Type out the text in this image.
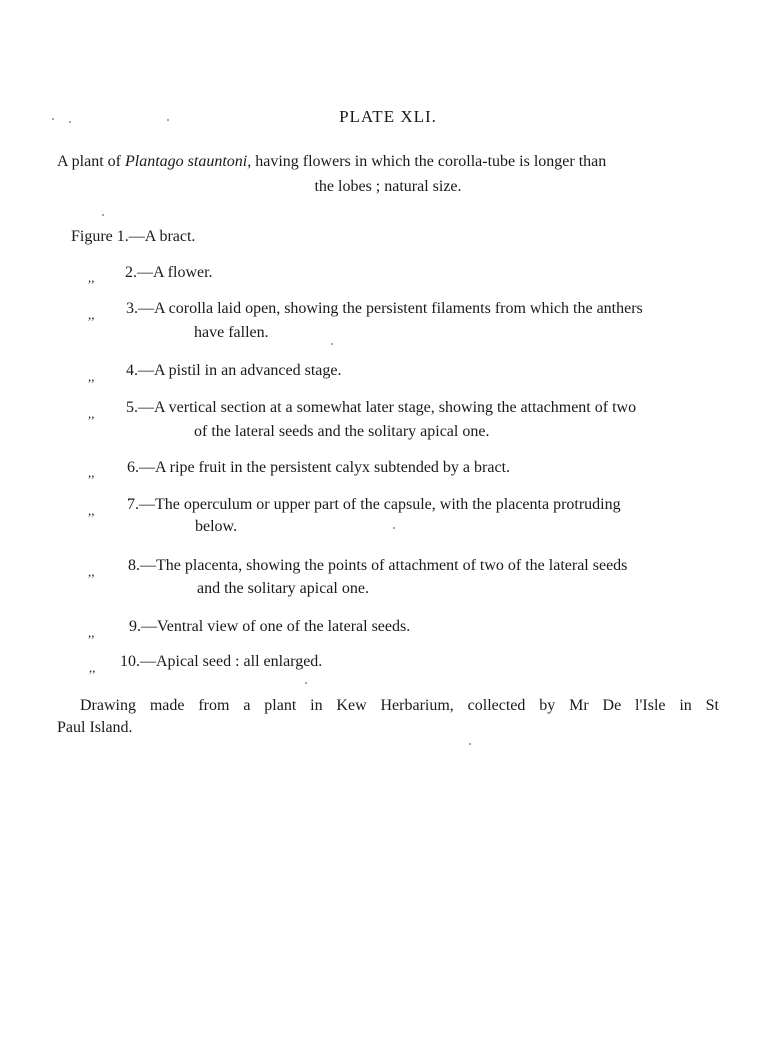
PLATE XLI.
A plant of Plantago stauntoni, having flowers in which the corolla-tube is longer than
the lobes ; natural size.
Figure 1.—A bract.
,, 2.—A flower.
,, 3.—A corolla laid open, showing the persistent filaments from which the anthers
have fallen.
,, 4.—A pistil in an advanced stage.
,, 5.—A vertical section at a somewhat later stage, showing the attachment of two
of the lateral seeds and the solitary apical one.
,, 6.—A ripe fruit in the persistent calyx subtended by a bract.
,, 7.—The operculum or upper part of the capsule, with the placenta protruding
below.
,, 8.—The placenta, showing the points of attachment of two of the lateral seeds
and the solitary apical one.
,, 9.—Ventral view of one of the lateral seeds.
,, 10.—Apical seed : all enlarged.
Drawing made from a plant in Kew Herbarium, collected by Mr De l'Isle in St
Paul Island.
